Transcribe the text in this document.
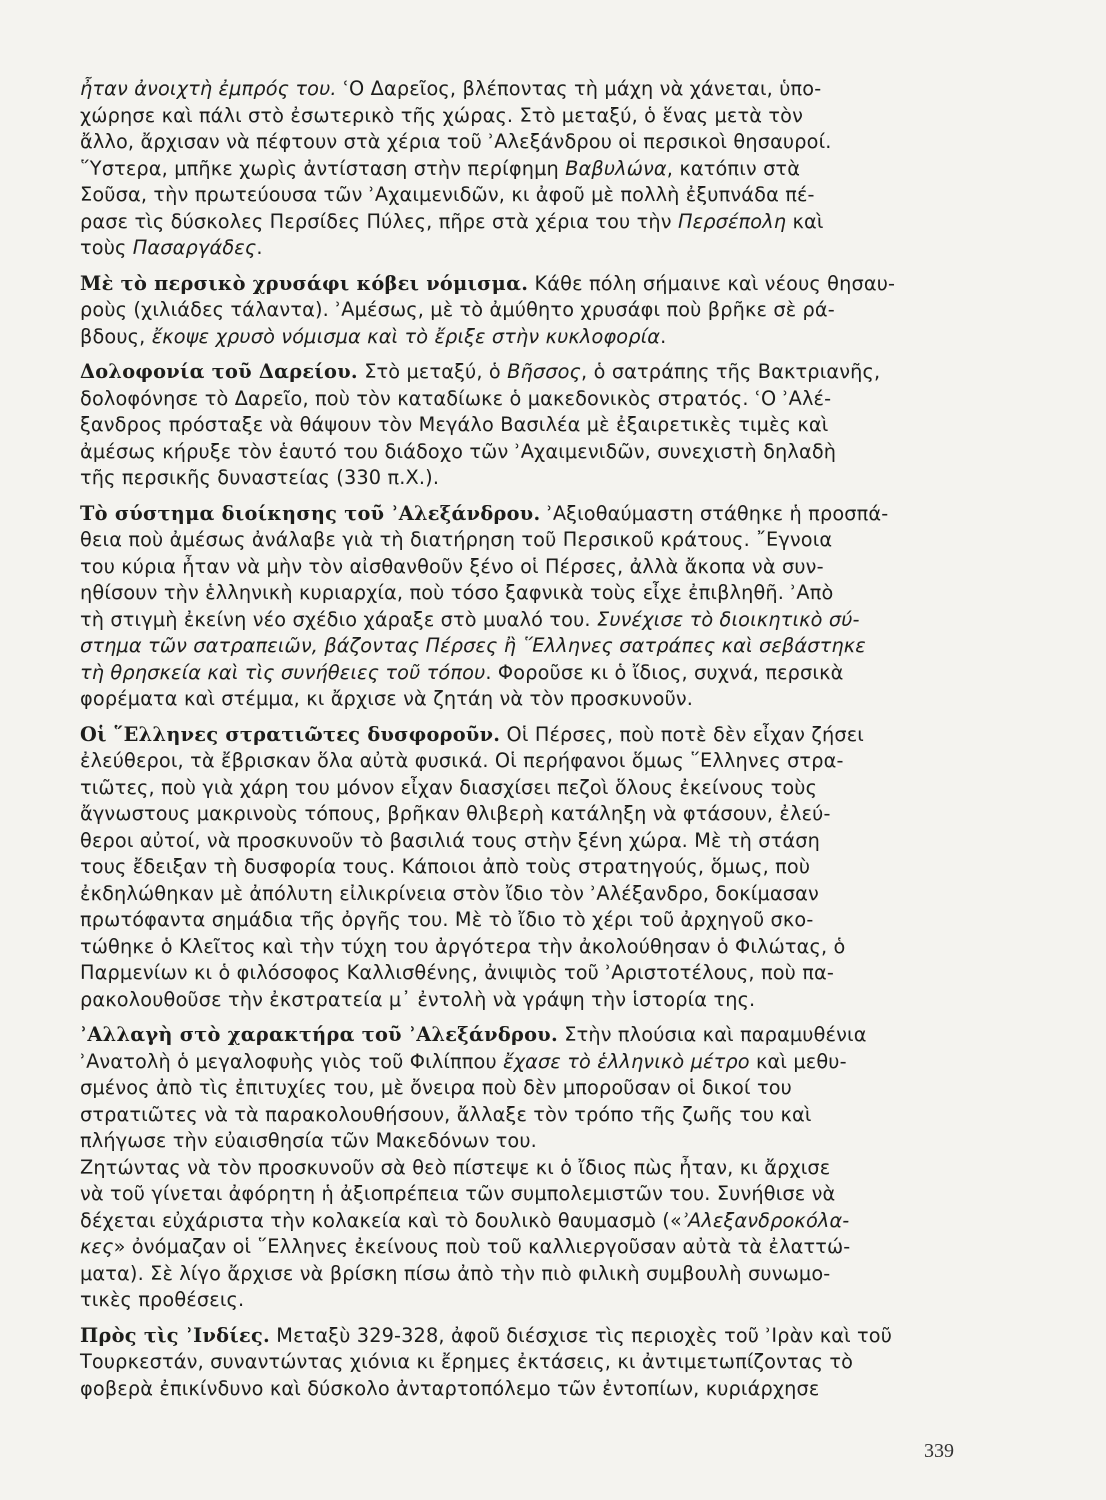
ἦταν ἀνοιχτὴ ἐμπρός του. ʿΟ Δαρεῖος, βλέποντας τὴ μάχη νὰ χάνεται, ὑπο-
χώρησε καὶ πάλι στὸ ἐσωτερικὸ τῆς χώρας. Στὸ μεταξύ, ὁ ἕνας μετὰ τὸν
ἄλλο, ἄρχισαν νὰ πέφτουν στὰ χέρια τοῦ ʾΑλεξάνδρου οἱ περσικοὶ θησαυροί.
῞Υστερα, μπῆκε χωρὶς ἀντίσταση στὴν περίφημη Βαβυλώνα, κατόπιν στὰ
Σοῦσα, τὴν πρωτεύουσα τῶν ʾΑχαιμενιδῶν, κι ἀφοῦ μὲ πολλὴ ἐξυπνάδα πέ-
ρασε τὶς δύσκολες Περσίδες Πύλες, πῆρε στὰ χέρια του τὴν Περσέπολη καὶ
τοὺς Πασαργάδες.
Μὲ τὸ περσικὸ χρυσάφι κόβει νόμισμα. Κάθε πόλη σήμαινε καὶ νέους θησαυ-
ροὺς (χιλιάδες τάλαντα). ʾΑμέσως, μὲ τὸ ἀμύθητο χρυσάφι ποὺ βρῆκε σὲ ρά-
βδους, ἔκοψε χρυσὸ νόμισμα καὶ τὸ ἔριξε στὴν κυκλοφορία.
Δολοφονία τοῦ Δαρείου. Στὸ μεταξύ, ὁ Βῆσσος, ὁ σατράπης τῆς Βακτριανῆς,
δολοφόνησε τὸ Δαρεῖο, ποὺ τὸν καταδίωκε ὁ μακεδονικὸς στρατός. ʿΟ ʾΑλέ-
ξανδρος πρόσταξε νὰ θάψουν τὸν Μεγάλο Βασιλέα μὲ ἐξαιρετικὲς τιμὲς καὶ
ἀμέσως κήρυξε τὸν ἑαυτό του διάδοχο τῶν ʾΑχαιμενιδῶν, συνεχιστὴ δηλαδὴ
τῆς περσικῆς δυναστείας (330 π.Χ.).
Τὸ σύστημα διοίκησης τοῦ ʾΑλεξάνδρου. ʾΑξιοθαύμαστη στάθηκε ἡ προσπά-
θεια ποὺ ἀμέσως ἀνάλαβε γιὰ τὴ διατήρηση τοῦ Περσικοῦ κράτους. ῎Εγνοια
του κύρια ἦταν νὰ μὴν τὸν αἰσθανθοῦν ξένο οἱ Πέρσες, ἀλλὰ ἄκοπα νὰ συν-
ηθίσουν τὴν ἑλληνικὴ κυριαρχία, ποὺ τόσο ξαφνικὰ τοὺς εἶχε ἐπιβληθῆ. ʾΑπὸ
τὴ στιγμὴ ἐκείνη νέο σχέδιο χάραξε στὸ μυαλό του. Συνέχισε τὸ διοικητικὸ σύ-
στημα τῶν σατραπειῶν, βάζοντας Πέρσες ἢ ῞Ελληνες σατράπες καὶ σεβάστηκε
τὴ θρησκεία καὶ τὶς συνήθειες τοῦ τόπου. Φοροῦσε κι ὁ ἴδιος, συχνά, περσικὰ
φορέματα καὶ στέμμα, κι ἄρχισε νὰ ζητάη νὰ τὸν προσκυνοῦν.
Οἱ ῞Ελληνες στρατιῶτες δυσφοροῦν. Οἱ Πέρσες, ποὺ ποτὲ δὲν εἶχαν ζήσει
ἐλεύθεροι, τὰ ἔβρισκαν ὅλα αὐτὰ φυσικά. Οἱ περήφανοι ὅμως ῞Ελληνες στρα-
τιῶτες, ποὺ γιὰ χάρη του μόνον εἶχαν διασχίσει πεζοὶ ὅλους ἐκείνους τοὺς
ἄγνωστους μακρινοὺς τόπους, βρῆκαν θλιβερὴ κατάληξη νὰ φτάσουν, ἐλεύ-
θεροι αὐτοί, νὰ προσκυνοῦν τὸ βασιλιά τους στὴν ξένη χώρα. Μὲ τὴ στάση
τους ἔδειξαν τὴ δυσφορία τους. Κάποιοι ἀπὸ τοὺς στρατηγούς, ὅμως, ποὺ
ἐκδηλώθηκαν μὲ ἀπόλυτη εἰλικρίνεια στὸν ἴδιο τὸν ʾΑλέξανδρο, δοκίμασαν
πρωτόφαντα σημάδια τῆς ὀργῆς του. Μὲ τὸ ἴδιο τὸ χέρι τοῦ ἀρχηγοῦ σκο-
τώθηκε ὁ Κλεῖτος καὶ τὴν τύχη του ἀργότερα τὴν ἀκολούθησαν ὁ Φιλώτας, ὁ
Παρμενίων κι ὁ φιλόσοφος Καλλισθένης, ἀνιψιὸς τοῦ ʾΑριστοτέλους, ποὺ πα-
ρακολουθοῦσε τὴν ἐκστρατεία μ᾿ ἐντολὴ νὰ γράψη τὴν ἱστορία της.
ʾΑλλαγὴ στὸ χαρακτήρα τοῦ ʾΑλεξάνδρου. Στὴν πλούσια καὶ παραμυθένια
ʾΑνατολὴ ὁ μεγαλοφυὴς γιὸς τοῦ Φιλίππου ἔχασε τὸ ἑλληνικὸ μέτρο καὶ μεθυ-
σμένος ἀπὸ τὶς ἐπιτυχίες του, μὲ ὄνειρα ποὺ δὲν μποροῦσαν οἱ δικοί του
στρατιῶτες νὰ τὰ παρακολουθήσουν, ἄλλαξε τὸν τρόπο τῆς ζωῆς του καὶ
πλήγωσε τὴν εὐαισθησία τῶν Μακεδόνων του.
Ζητώντας νὰ τὸν προσκυνοῦν σὰ θεὸ πίστεψε κι ὁ ἴδιος πὼς ἦταν, κι ἄρχισε
νὰ τοῦ γίνεται ἀφόρητη ἡ ἀξιοπρέπεια τῶν συμπολεμιστῶν του. Συνήθισε νὰ
δέχεται εὐχάριστα τὴν κολακεία καὶ τὸ δουλικὸ θαυμασμὸ («ʾΑλεξανδροκόλα-
κες» ὀνόμαζαν οἱ ῞Ελληνες ἐκείνους ποὺ τοῦ καλλιεργοῦσαν αὐτὰ τὰ ἐλαττώ-
ματα). Σὲ λίγο ἄρχισε νὰ βρίσκη πίσω ἀπὸ τὴν πιὸ φιλικὴ συμβουλὴ συνωμο-
τικὲς προθέσεις.
Πρὸς τὶς ʾΙνδίες. Μεταξὺ 329-328, ἀφοῦ διέσχισε τὶς περιοχὲς τοῦ ʾΙρὰν καὶ τοῦ
Τουρκεστάν, συναντώντας χιόνια κι ἔρημες ἐκτάσεις, κι ἀντιμετωπίζοντας τὸ
φοβερὰ ἐπικίνδυνο καὶ δύσκολο ἀνταρτοπόλεμο τῶν ἐντοπίων, κυριάρχησε
339
